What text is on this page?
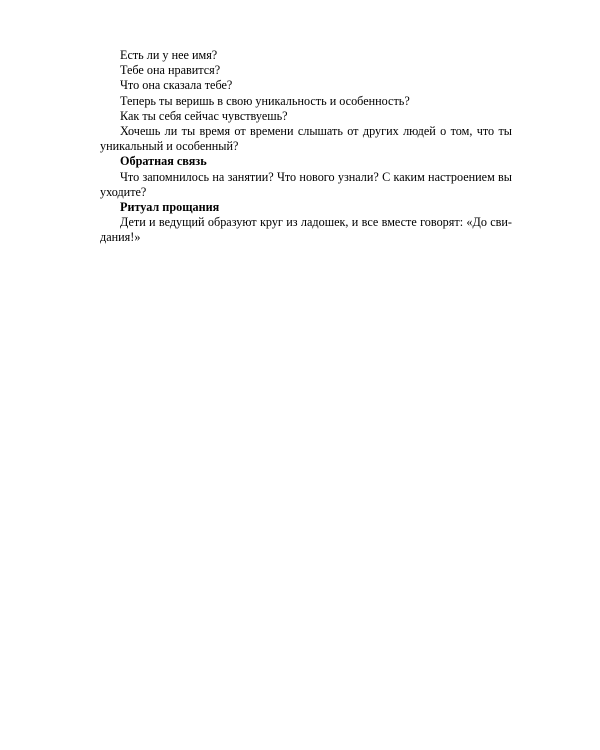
Есть ли у нее имя?

Тебе она нравится?

Что она сказала тебе?

Теперь ты веришь в свою уникальность и особенность?

Как ты себя сейчас чувствуешь?

Хочешь ли ты время от времени слышать от других людей о том, что ты уникальный и особенный?

Обратная связь

Что запомнилось на занятии? Что нового узнали? С каким настроением вы уходите?

Ритуал прощания

Дети и ведущий образуют круг из ладошек, и все вместе говорят: «До сви-дания!»
